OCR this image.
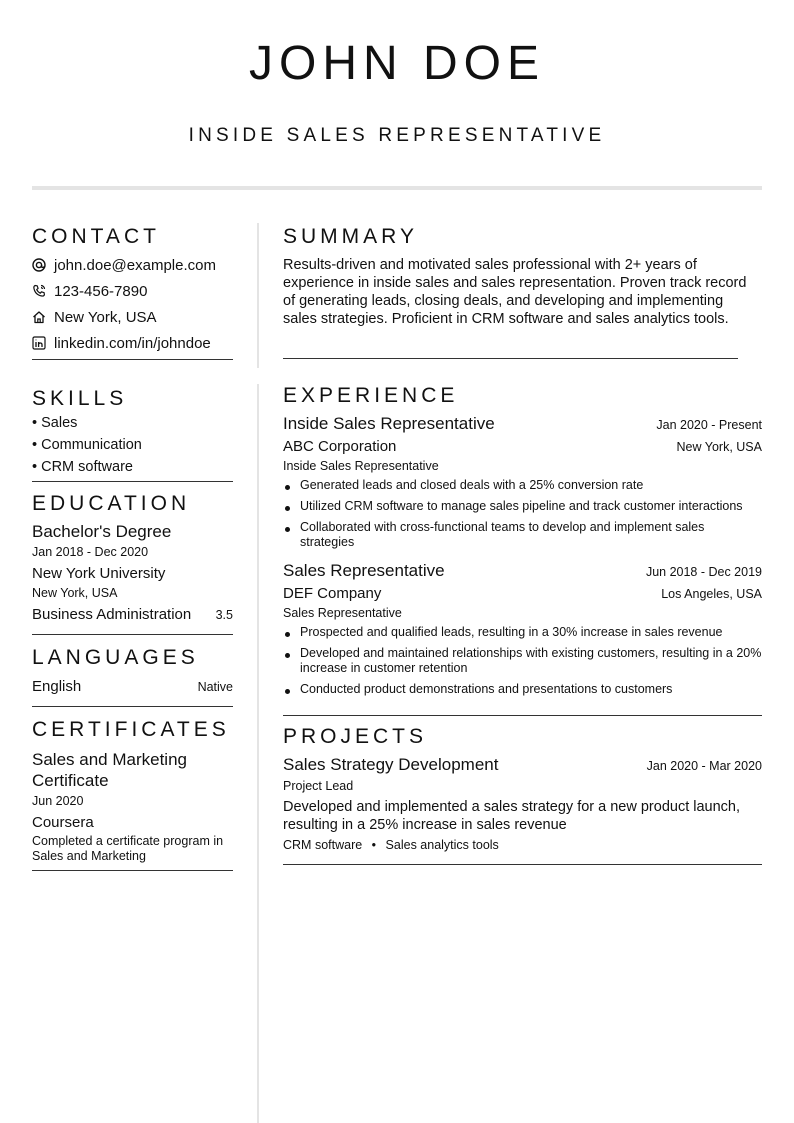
JOHN DOE
INSIDE SALES REPRESENTATIVE
CONTACT
john.doe@example.com
123-456-7890
New York, USA
linkedin.com/in/johndoe
SKILLS
• Sales
• Communication
• CRM software
EDUCATION
Bachelor's Degree
Jan 2018 - Dec 2020
New York University
New York, USA
Business Administration 3.5
LANGUAGES
English	Native
CERTIFICATES
Sales and Marketing Certificate
Jun 2020
Coursera
Completed a certificate program in Sales and Marketing
SUMMARY
Results-driven and motivated sales professional with 2+ years of experience in inside sales and sales representation. Proven track record of generating leads, closing deals, and developing and implementing sales strategies. Proficient in CRM software and sales analytics tools.
EXPERIENCE
Inside Sales Representative	Jan 2020 - Present
ABC Corporation	New York, USA
Inside Sales Representative
Generated leads and closed deals with a 25% conversion rate
Utilized CRM software to manage sales pipeline and track customer interactions
Collaborated with cross-functional teams to develop and implement sales strategies
Sales Representative	Jun 2018 - Dec 2019
DEF Company	Los Angeles, USA
Sales Representative
Prospected and qualified leads, resulting in a 30% increase in sales revenue
Developed and maintained relationships with existing customers, resulting in a 20% increase in customer retention
Conducted product demonstrations and presentations to customers
PROJECTS
Sales Strategy Development	Jan 2020 - Mar 2020
Project Lead
Developed and implemented a sales strategy for a new product launch, resulting in a 25% increase in sales revenue
CRM software • Sales analytics tools
